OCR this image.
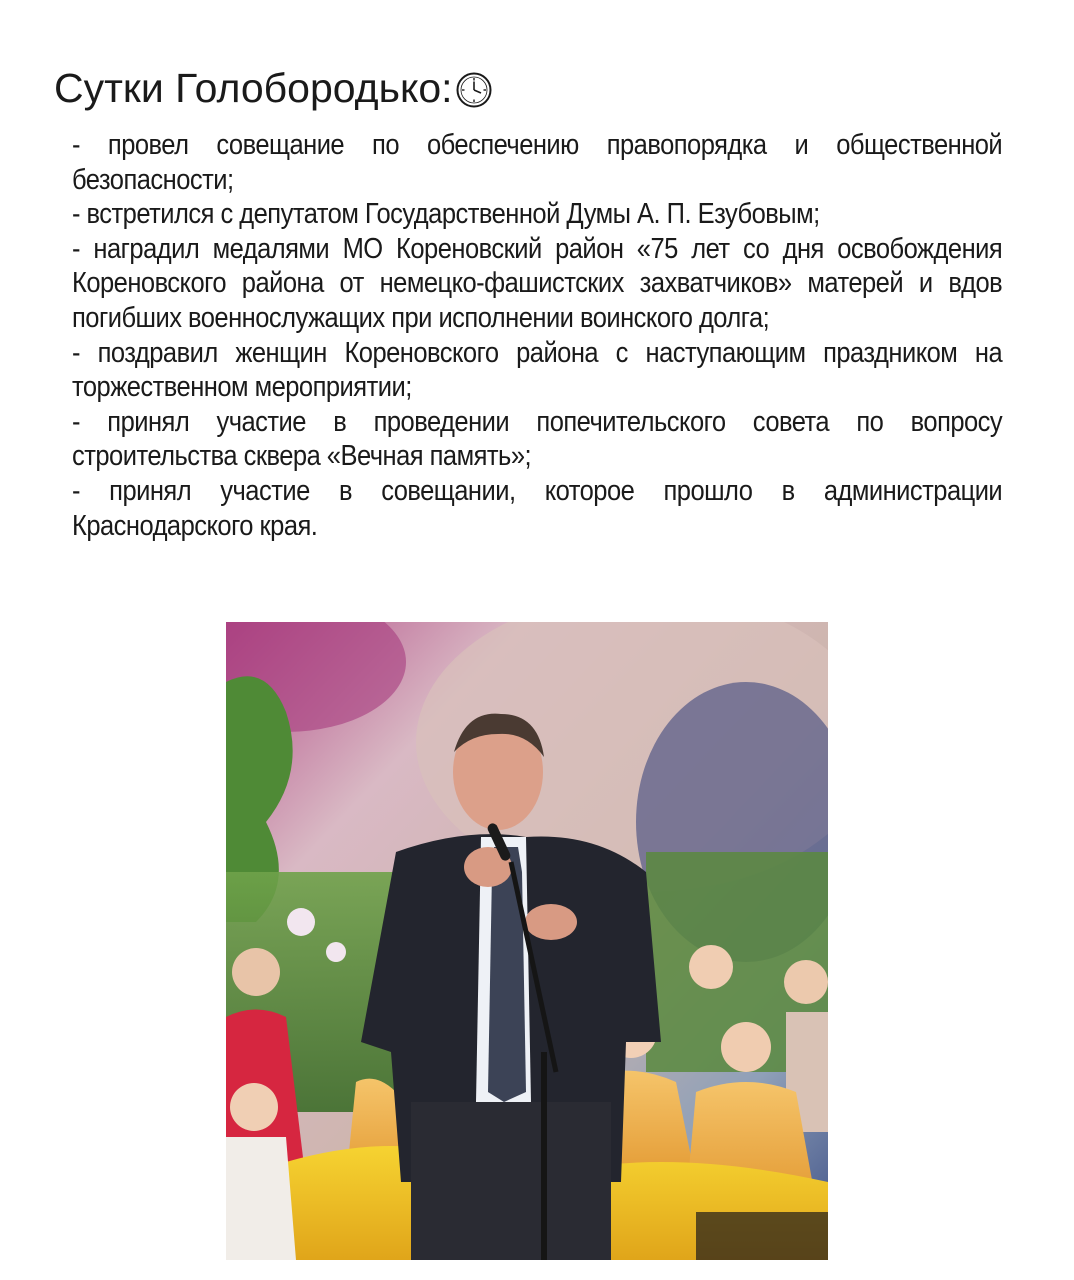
Сутки Голобородько:

- провел совещание по обеспечению правопорядка и общественной безопасности;

- встретился с депутатом Государственной Думы А. П. Езубовым;

- наградил медалями МО Кореновский район «75 лет со дня освобождения Кореновского района от немецко-фашистских захватчиков» матерей и вдов погибших военнослужащих при исполнении воинского долга;

- поздравил женщин Кореновского района с наступающим праздником на торжественном мероприятии;

- принял участие в проведении попечительского совета по вопросу строительства сквера «Вечная память»;

- принял участие в совещании, которое прошло в администрации Краснодарского края.
